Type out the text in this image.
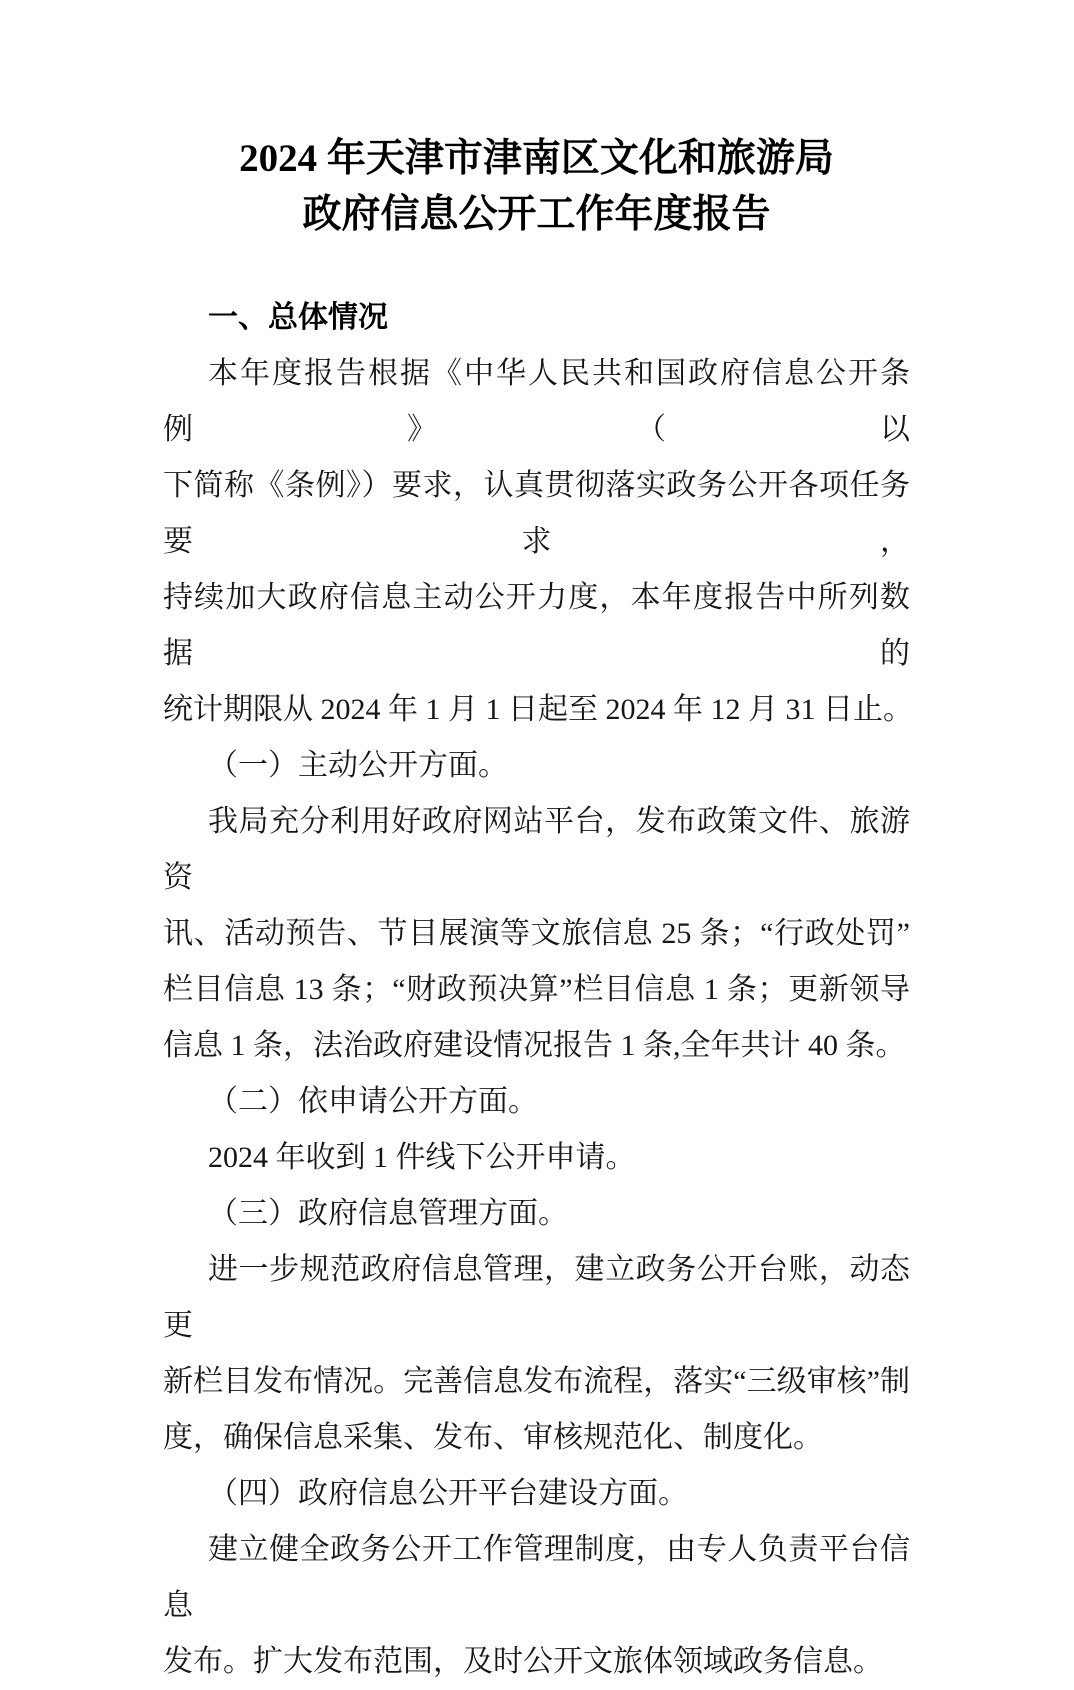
2024 年天津市津南区文化和旅游局
政府信息公开工作年度报告
一、总体情况
本年度报告根据《中华人民共和国政府信息公开条例》（以
下简称《条例》）要求，认真贯彻落实政务公开各项任务要求，
持续加大政府信息主动公开力度，本年度报告中所列数据的
统计期限从 2024 年 1 月 1 日起至 2024 年 12 月 31 日止。
（一）主动公开方面。
我局充分利用好政府网站平台，发布政策文件、旅游资
讯、活动预告、节目展演等文旅信息 25 条；“行政处罚”
栏目信息 13 条；“财政预决算”栏目信息 1 条；更新领导
信息 1 条，法治政府建设情况报告 1 条,全年共计 40 条。
（二）依申请公开方面。
2024 年收到 1 件线下公开申请。
（三）政府信息管理方面。
进一步规范政府信息管理，建立政务公开台账，动态更
新栏目发布情况。完善信息发布流程，落实“三级审核”制
度，确保信息采集、发布、审核规范化、制度化。
（四）政府信息公开平台建设方面。
建立健全政务公开工作管理制度，由专人负责平台信息
发布。扩大发布范围，及时公开文旅体领域政务信息。
